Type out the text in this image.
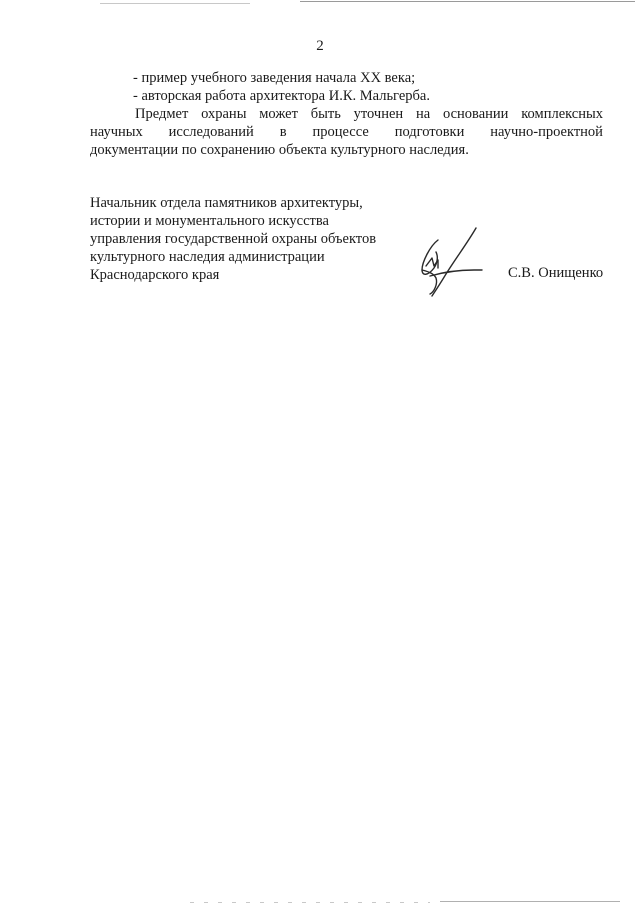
2
- пример учебного заведения начала XX века;
- авторская работа архитектора И.К. Мальгерба.
Предмет охраны может быть уточнен на основании комплексных
научных исследований в процессе подготовки научно-проектной
документации по сохранению объекта культурного наследия.
Начальник отдела памятников архитектуры,
истории и монументального искусства
управления государственной охраны объектов
культурного наследия администрации
Краснодарского края	С.В. Онищенко
